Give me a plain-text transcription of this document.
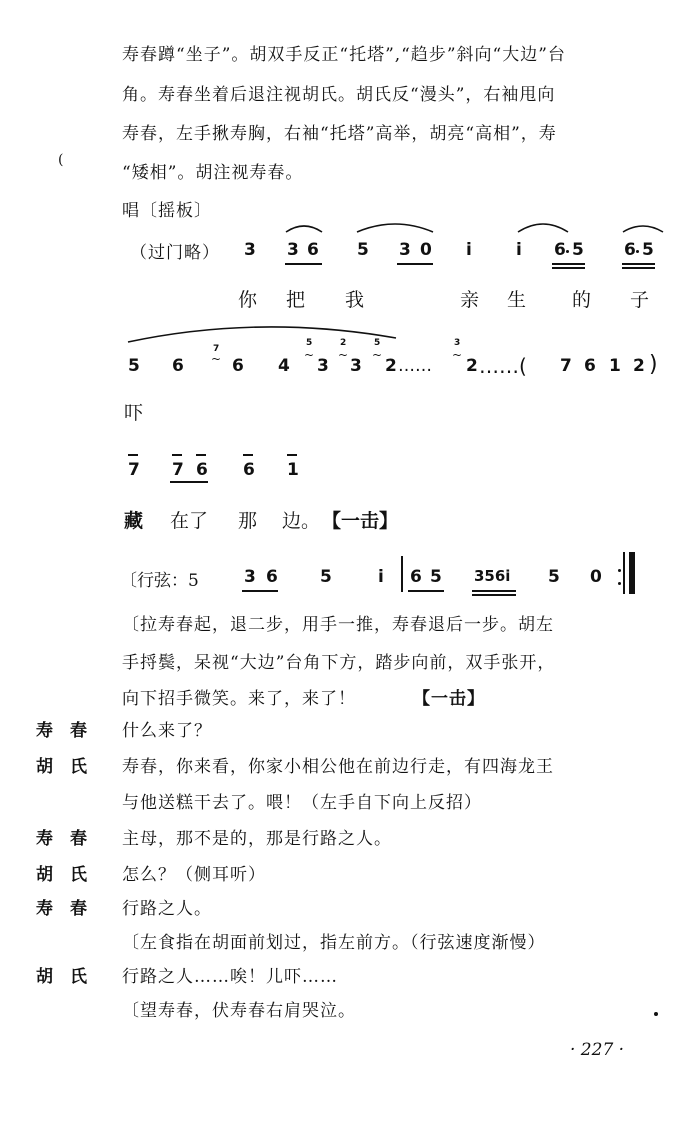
寿春蹲“坐子”。胡双手反正“托塔”,“趋步”斜向“大边”台
角。寿春坐着后退注视胡氏。胡氏反“漫头”，右袖甩向
寿春，左手揪寿胸，右袖“托塔”高举，胡亮“高相”，寿
“矮相”。胡注视寿春。
(
唱〔摇板〕
（过门略） 3 3 6 5 3 0 i	i 6 5 6 5
你 把 我	亲 生 的 子
5 6
7
~ 6 4
5
~
3
2
~
3
5
~
2 ……
3
~
2 ……( 7 6 1 2 )
吓
7 7 6 6 1
藏 在了 那 边。 【一击】
〔行弦：5	3 6 5	i 6 5 356i 5 0
〔拉寿春起，退二步，用手一推，寿春退后一步。胡左
手捋鬓，呆视“大边”台角下方，踏步向前，双手张开，
向下招手微笑。来了，来了！	【一击】
寿　春 什么来了？
胡　氏 寿春，你来看，你家小相公他在前边行走，有四海龙王
与他送糕干去了。喂！（左手自下向上反招）
寿　春 主母，那不是的，那是行路之人。
胡　氏 怎么？（侧耳听）
寿　春 行路之人。
〔左食指在胡面前划过，指左前方。（行弦速度渐慢）
胡　氏 行路之人……唉！儿吓……
〔望寿春，伏寿春右肩哭泣。
· 227 ·
